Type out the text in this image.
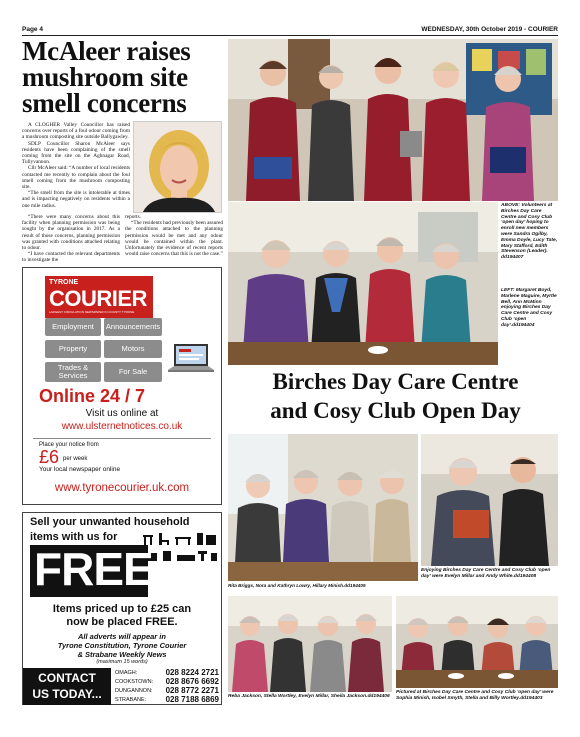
Page 4	WEDNESDAY, 30th October 2019 - COURIER
McAleer raises
mushroom site
smell concerns

A CLOGHER Valley Councillor has raised concerns over reports of a foul odour coming from a mushroom composting site outside Ballygawley.

SDLP Councillor Sharon McAleer says residents have been complaining of the smell coming from the site on the Aghnagar Road, Tullyvannon.

Cllr McAleer said: “A number of local residents contacted me recently to complain about the foul smell coming from the mushroom composting site.

“The smell from the site is intolerable at times and is impacting negatively on residents within a one mile radius.

“There were many concerns about this facility when planning permission was being sought by the organisation in 2017. As a result of those concerns, planning permission was granted with conditions attached relating to odour.

“I have contacted the relevant departments to investigate the

reports.

“The residents had previously been assured the conditions attached to the planning permission would be met and any odour would be contained within the plant. Unfortunately the evidence of recent reports would raise concerns that this is not the case.”

TYRONE
COURIER
LARGEST CIRCULATION NEWSPAPER IN COUNTY TYRONE
Employment	Announcements
Property	Motors
Trades & Services	For Sale
Online 24 / 7
Visit us online at
www.ulsternetnotices.co.uk
Place your notice from
£6 per week
Your local newspaper online
www.tyronecourier.uk.com
Sell your unwanted household
items with us for
FREE
Items priced up to £25 can
now be placed FREE.
All adverts will appear in
Tyrone Constitution, Tyrone Courier
& Strabane Weekly News
(maximum 15 words)
CONTACT
US TODAY...
OMAGH:	028 8224 2721
COOKSTOWN: 028 8676 6692
DUNGANNON: 028 8772 2271
STRABANE: 028 7188 6869
ABOVE: Volunteers at Birches Day Care Centre and Cosy Club ‘open day’ hoping to enroll new members were Sandra Ogilby, Emma Doyle, Lucy Tate, Mary Stafford, Edith Stevenson (Leader). dd194407
LEFT: Margaret Boyd, Marlene Maguire, Myrtle Bell, Ann McMinn enjoying Birches Day Care Centre and Cosy Club ‘open day’.dd194404
Birches Day Care Centre
and Cosy Club Open Day
Rita Briggs, Nora and Kathryn Lowry, Hillary Minish.dd194405
Enjoying Birches Day Care Centre and Cosy Club ‘open day’ were Evelyn Millar and Andy White.dd194408
Reba Jackson, Stella Wortley, Evelyn Millar, Sheila Jackson.dd194406
Pictured at Birches Day Care Centre and Cosy Club ‘open day’ were Sophia Minish, Isobel Smyth, Stella and Billy Wortley.dd194403
